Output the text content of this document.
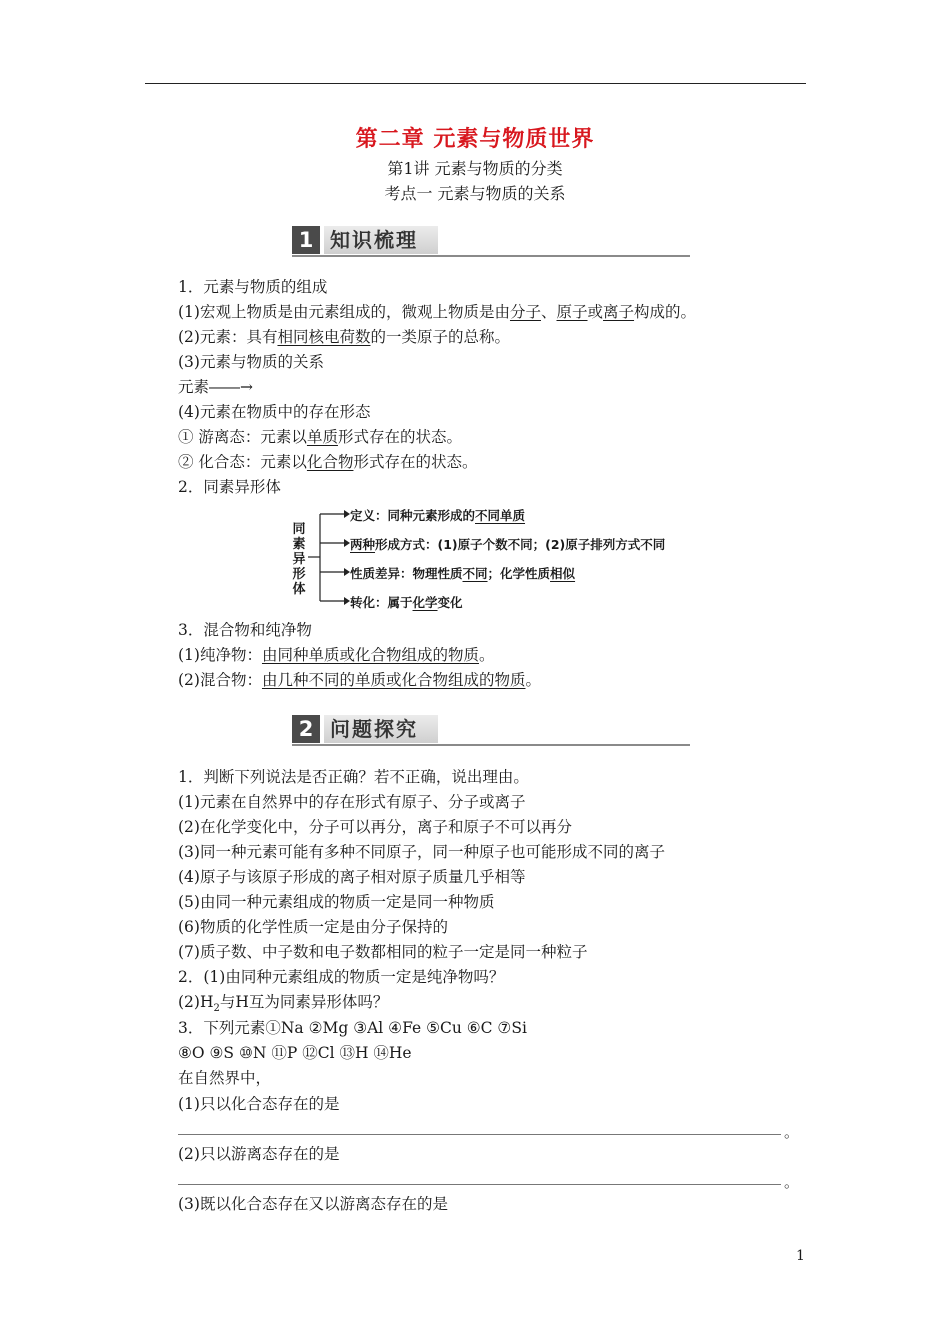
第二章 元素与物质世界
第1讲 元素与物质的分类
考点一 元素与物质的关系
1 知识梳理
1．元素与物质的组成
(1)宏观上物质是由元素组成的，微观上物质是由分子、原子或离子构成的。
(2)元素：具有相同核电荷数的一类原子的总称。
(3)元素与物质的关系
元素――→
(4)元素在物质中的存在形态
① 游离态：元素以单质形式存在的状态。
② 化合态：元素以化合物形式存在的状态。
2．同素异形体
同
素
异
形
体
定义：同种元素形成的不同单质
两种形成方式：(1)原子个数不同；(2)原子排列方式不同
性质差异：物理性质不同；化学性质相似
转化：属于化学变化
3．混合物和纯净物
(1)纯净物：由同种单质或化合物组成的物质。
(2)混合物：由几种不同的单质或化合物组成的物质。
2 问题探究
1．判断下列说法是否正确？若不正确，说出理由。
(1)元素在自然界中的存在形式有原子、分子或离子
(2)在化学变化中，分子可以再分，离子和原子不可以再分
(3)同一种元素可能有多种不同原子，同一种原子也可能形成不同的离子
(4)原子与该原子形成的离子相对原子质量几乎相等
(5)由同一种元素组成的物质一定是同一种物质
(6)物质的化学性质一定是由分子保持的
(7)质子数、中子数和电子数都相同的粒子一定是同一种粒子
2．(1)由同种元素组成的物质一定是纯净物吗？
$(2)H_2$与H互为同素异形体吗？
3．下列元素①Na ②Mg ③Al ④Fe ⑤Cu ⑥C ⑦Si
⑧O ⑨S ⑩N ⑪P ⑫Cl ⑬H ⑭He
在自然界中，
(1)只以化合态存在的是
。
(2)只以游离态存在的是
。
(3)既以化合态存在又以游离态存在的是
1
